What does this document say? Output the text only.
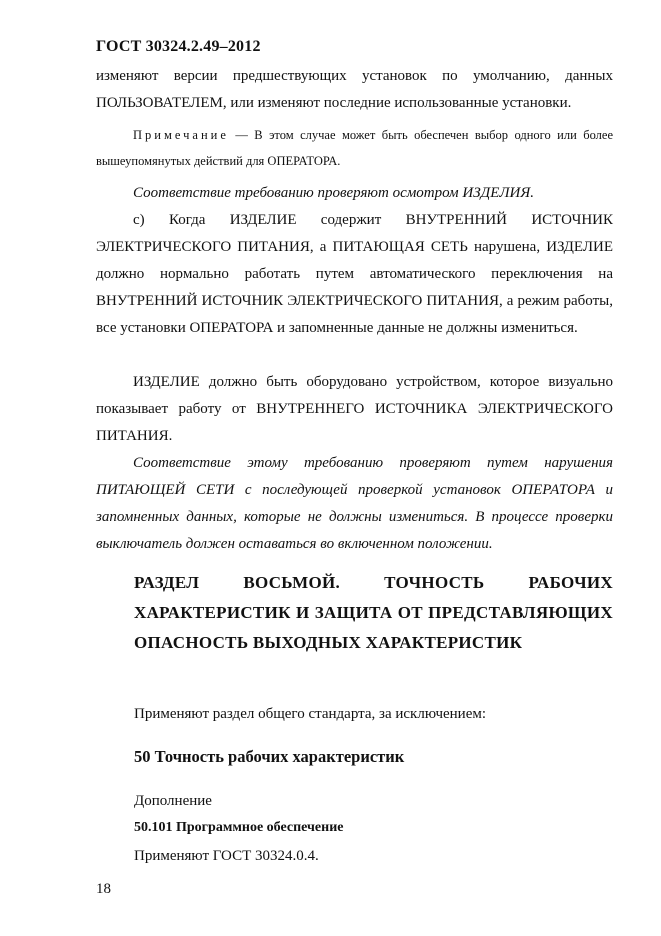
ГОСТ 30324.2.49–2012
изменяют версии предшествующих установок по умолчанию, данных
ПОЛЬЗОВАТЕЛЕМ, или изменяют последние использованные установки.
Примечание — В этом случае может быть обеспечен выбор одного или более вышеупомянутых действий для ОПЕРАТОРА.
Соответствие требованию проверяют осмотром ИЗДЕЛИЯ.
c) Когда ИЗДЕЛИЕ содержит ВНУТРЕННИЙ ИСТОЧНИК ЭЛЕКТРИЧЕСКОГО ПИТАНИЯ, а ПИТАЮЩАЯ СЕТЬ нарушена, ИЗДЕЛИЕ должно нормально работать путем автоматического переключения на ВНУТРЕННИЙ ИСТОЧНИК ЭЛЕКТРИЧЕСКОГО ПИТАНИЯ, а режим работы, все установки ОПЕРАТОРА и запомненные данные не должны измениться.
ИЗДЕЛИЕ должно быть оборудовано устройством, которое визуально показывает работу от ВНУТРЕННЕГО ИСТОЧНИКА ЭЛЕКТРИЧЕСКОГО ПИТАНИЯ.
Соответствие этому требованию проверяют путем нарушения ПИТАЮЩЕЙ СЕТИ с последующей проверкой установок ОПЕРАТОРА и запомненных данных, которые не должны измениться. В процессе проверки выключатель должен оставаться во включенном положении.
РАЗДЕЛ ВОСЬМОЙ. ТОЧНОСТЬ РАБОЧИХ ХАРАКТЕРИСТИК И ЗАЩИТА ОТ ПРЕДСТАВЛЯЮЩИХ ОПАСНОСТЬ ВЫХОДНЫХ ХАРАКТЕРИСТИК
Применяют раздел общего стандарта, за исключением:
50 Точность рабочих характеристик
Дополнение
50.101 Программное обеспечение
Применяют ГОСТ 30324.0.4.
18
